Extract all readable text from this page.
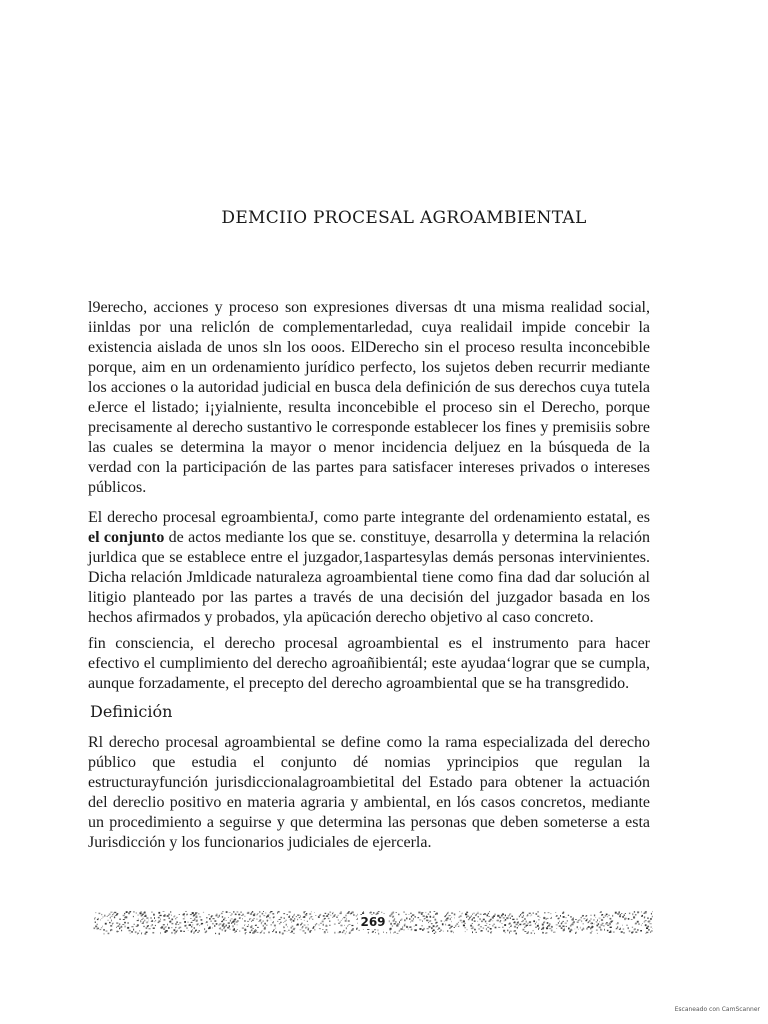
DEMCIIO PROCESAL AGROAMBIENTAL

l9erecho, acciones y proceso son expresiones diversas dt una misma realidad social, iinldas por una reliclón de complementarledad, cuya realidail impide concebir la existencia aislada de unos sln los ooos. ElDerecho sin el proceso resulta inconcebible porque, aim en un ordenamiento jurídico perfecto, los sujetos deben recurrir mediante los acciones o la autoridad judicial en busca dela definición de sus derechos cuya tutela eJerce el listado; i¡yialniente, resulta inconcebible el proceso sin el Derecho, porque precisamente al derecho sustantivo le corresponde establecer los fines y premisiis sobre las cuales se determina la mayor o menor incidencia deljuez en la búsqueda de la verdad con la participación de las partes para satisfacer intereses privados o intereses públicos.

El derecho procesal egroambientaJ, como parte integrante del ordenamiento estatal, es el conjunto de actos mediante los que se. constituye, desarrolla y determina la relación jurldica que se establece entre el juzgador,1aspartesylas demás personas intervinientes. Dicha relación Jmldicade naturaleza agroambiental tiene como fina dad dar solución al litigio planteado por las partes a través de una decisión del juzgador basada en los hechos afirmados y probados, yla apücación derecho objetivo al caso concreto.

fin consciencia, el derecho procesal agroambiental es el instrumento para hacer efectivo el cumplimiento del derecho agroañibientál; este ayudaa‘lograr que se cumpla, aunque forzadamente, el precepto del derecho agroambiental que se ha transgredido.

Definición

Rl derecho procesal agroambiental se define como la rama especializada del derecho público que estudia el conjunto dé nomias yprincipios que regulan la estructurayfunción jurisdiccionalagroambietital del Estado para obtener la actuación del dereclio positivo en materia agraria y ambiental, en lós casos concretos, mediante un procedimiento a seguirse y que determina las personas que deben someterse a esta Jurisdicción y los funcionarios judiciales de ejercerla.

269
Escaneado con CamScanner
